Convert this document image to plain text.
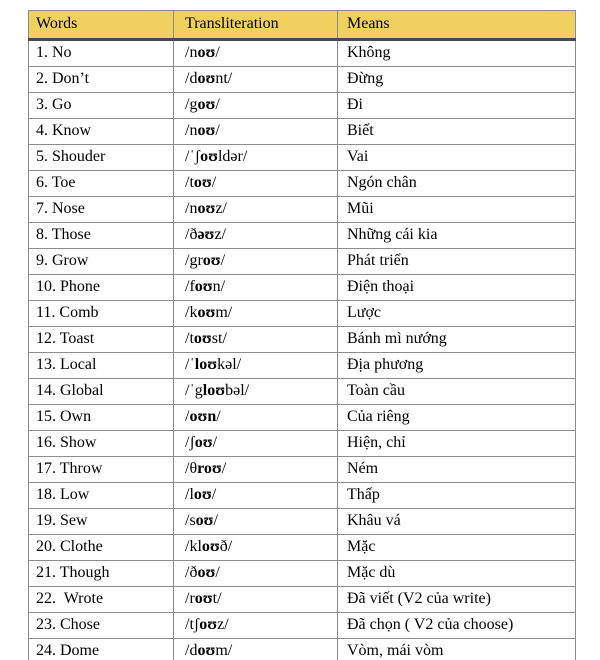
Words	Transliteration	Means
1. No	/noʊ/	Không
2. Don’t	/doʊnt/	Đừng
3. Go	/goʊ/	Đi
4. Know	/noʊ/	Biết
5. Shouder	/ˈʃoʊldər/	Vai
6. Toe	/toʊ/	Ngón chân
7. Nose	/noʊz/	Mũi
8. Those	/ðəʊz/	Những cái kia
9. Grow	/groʊ/	Phát triển
10. Phone	/foʊn/	Điện thoại
11. Comb	/koʊm/	Lược
12. Toast	/toʊst/	Bánh mì nướng
13. Local	/ˈloʊkəl/	Địa phương
14. Global	/ˈgloʊbəl/	Toàn cầu
15. Own	/oʊn/	Của riêng
16. Show	/ʃoʊ/	Hiện, chỉ
17. Throw	/θroʊ/	Ném
18. Low	/loʊ/	Thấp
19. Sew	/soʊ/	Khâu vá
20. Clothe	/kloʊð/	Mặc
21. Though	/ðoʊ/	Mặc dù
22.  Wrote	/roʊt/	Đã viết (V2 của write)
23. Chose	/tʃoʊz/	Đã chọn ( V2 của choose)
24. Dome	/doʊm/	Vòm, mái vòm
